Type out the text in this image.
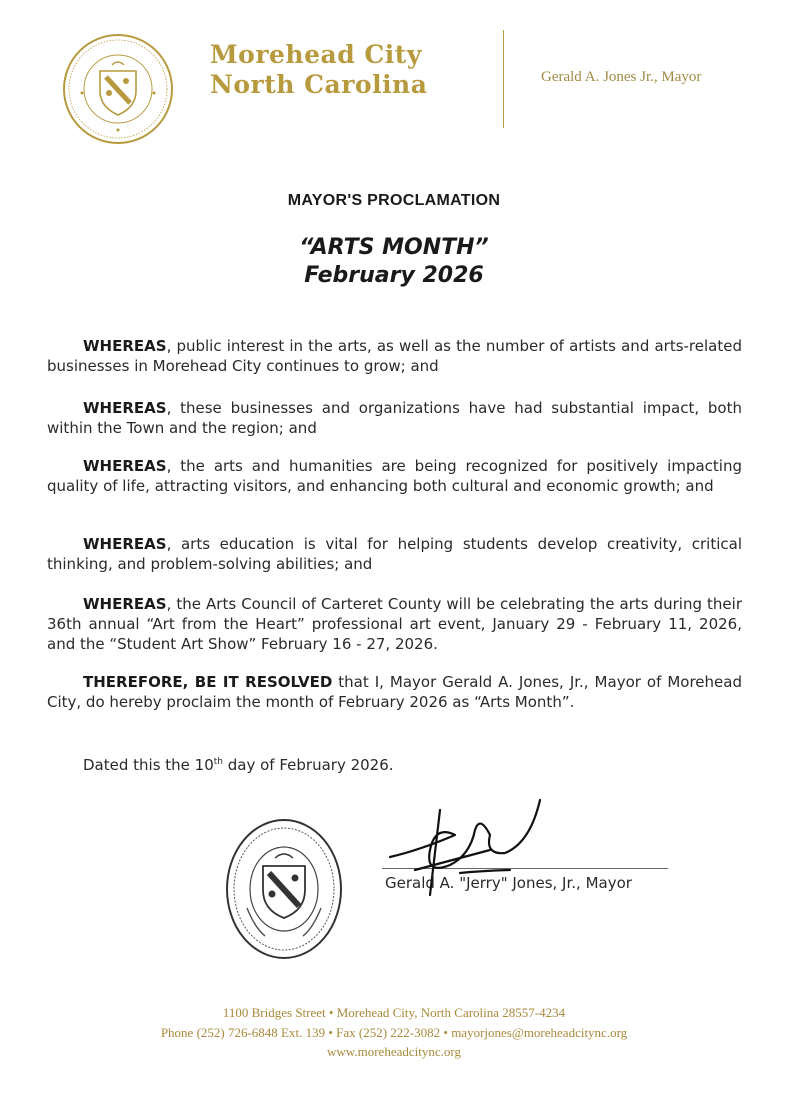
Morehead City
North Carolina	Gerald A. Jones Jr., Mayor
MAYOR'S PROCLAMATION
“ARTS MONTH”
February 2026

WHEREAS, public interest in the arts, as well as the number of artists and arts-related businesses in Morehead City continues to grow; and

WHEREAS, these businesses and organizations have had substantial impact, both within the Town and the region; and

WHEREAS, the arts and humanities are being recognized for positively impacting quality of life, attracting visitors, and enhancing both cultural and economic growth; and

WHEREAS, arts education is vital for helping students develop creativity, critical thinking, and problem-solving abilities; and

WHEREAS, the Arts Council of Carteret County will be celebrating the arts during their 36th annual “Art from the Heart” professional art event, January 29 - February 11, 2026, and the “Student Art Show” February 16 - 27, 2026.

THEREFORE, BE IT RESOLVED that I, Mayor Gerald A. Jones, Jr., Mayor of Morehead City, do hereby proclaim the month of February 2026 as “Arts Month”.

Dated this the 10th day of February 2026.
Gerald A. "Jerry" Jones, Jr., Mayor
1100 Bridges Street • Morehead City, North Carolina 28557-4234
Phone (252) 726-6848 Ext. 139 • Fax (252) 222-3082 • mayorjones@moreheadcitync.org
www.moreheadcitync.org
